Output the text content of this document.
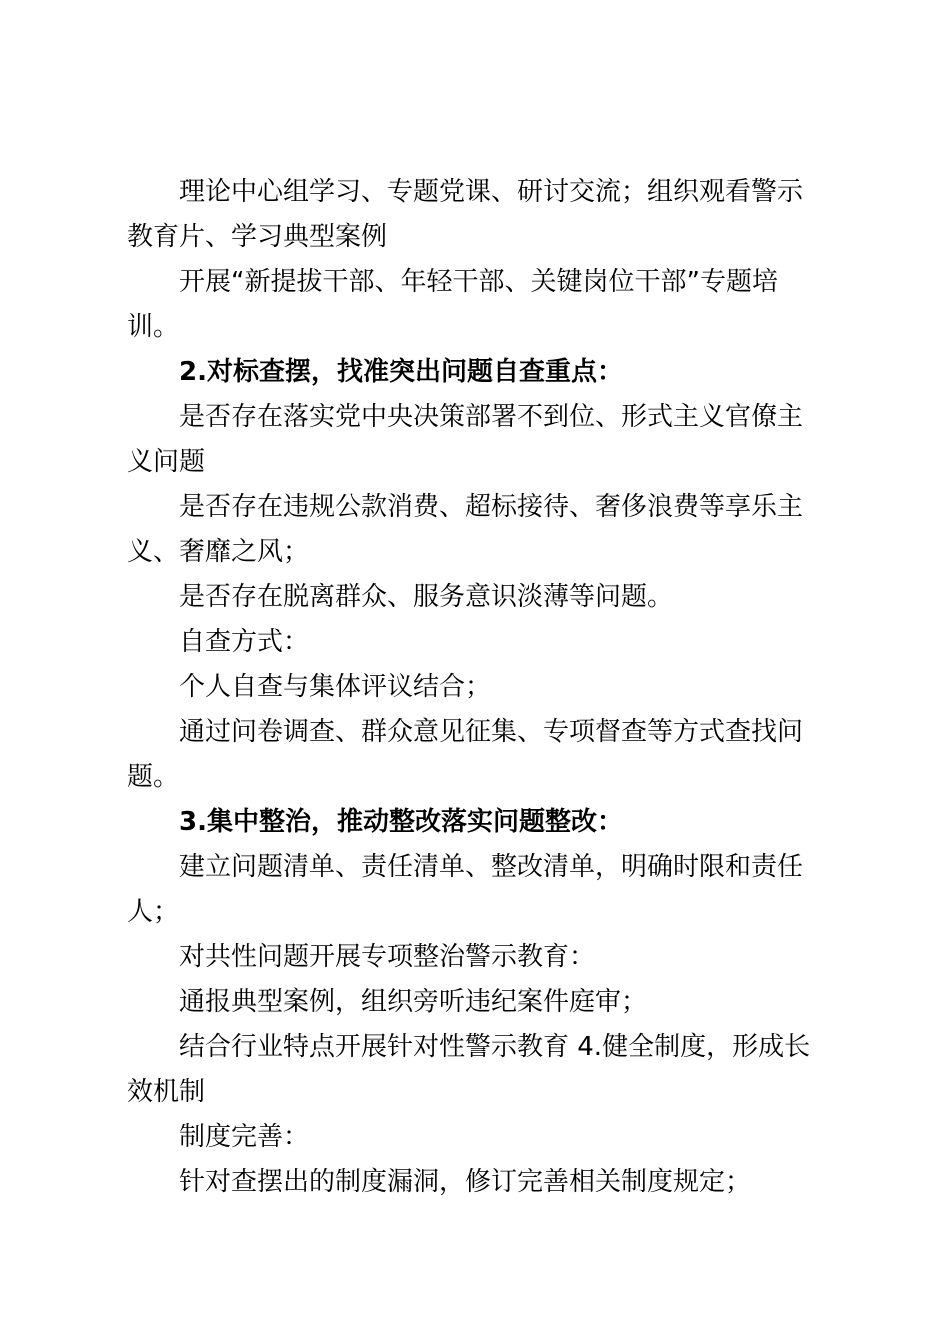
理论中心组学习、专题党课、研讨交流；组织观看警示教育片、学习典型案例

开展“新提拔干部、年轻干部、关键岗位干部”专题培训。

2.对标查摆，找准突出问题自查重点：

是否存在落实党中央决策部署不到位、形式主义官僚主义问题

是否存在违规公款消费、超标接待、奢侈浪费等享乐主义、奢靡之风；

是否存在脱离群众、服务意识淡薄等问题。

自查方式：

个人自查与集体评议结合；

通过问卷调查、群众意见征集、专项督查等方式查找问题。

3.集中整治，推动整改落实问题整改：

建立问题清单、责任清单、整改清单，明确时限和责任人；

对共性问题开展专项整治警示教育：

通报典型案例，组织旁听违纪案件庭审；

结合行业特点开展针对性警示教育 4.健全制度，形成长效机制

制度完善：

针对查摆出的制度漏洞，修订完善相关制度规定；
